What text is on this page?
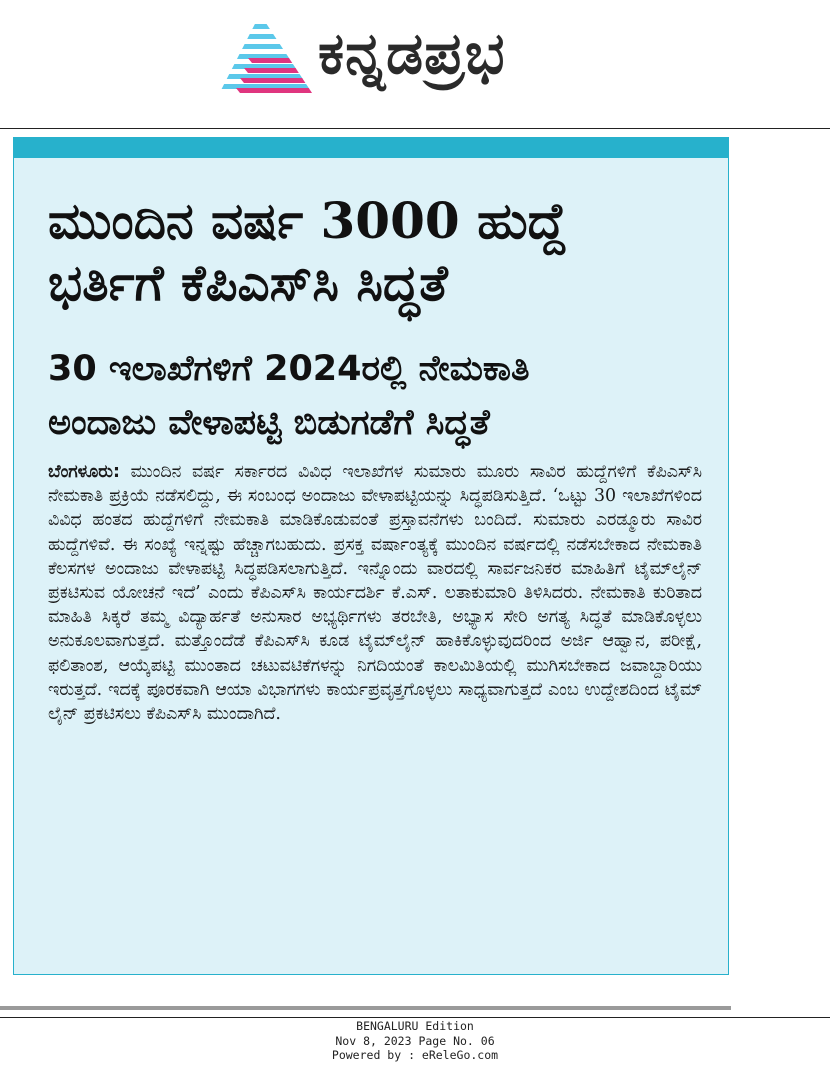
ಕನ್ನಡಪ್ರಭ
ಮುಂದಿನ ವರ್ಷ 3000 ಹುದ್ದೆ
ಭರ್ತಿಗೆ ಕೆಪಿಎಸ್‌ಸಿ ಸಿದ್ಧತೆ
30 ಇಲಾಖೆಗಳಿಗೆ 2024ರಲ್ಲಿ ನೇಮಕಾತಿ
ಅಂದಾಜು ವೇಳಾಪಟ್ಟಿ ಬಿಡುಗಡೆಗೆ ಸಿದ್ಧತೆ

ಬೆಂಗಳೂರು: ಮುಂದಿನ ವರ್ಷ ಸರ್ಕಾರದ ವಿವಿಧ ಇಲಾಖೆಗಳ ಸುಮಾರು ಮೂರು ಸಾವಿರ ಹುದ್ದೆಗಳಿಗೆ ಕೆಪಿಎಸ್‌ಸಿ ನೇಮಕಾತಿ ಪ್ರಕ್ರಿಯೆ ನಡೆಸಲಿದ್ದು, ಈ ಸಂಬಂಧ ಅಂದಾಜು ವೇಳಾಪಟ್ಟಿಯನ್ನು ಸಿದ್ಧಪಡಿಸುತ್ತಿದೆ. ‘ಒಟ್ಟು 30 ಇಲಾಖೆಗಳಿಂದ ವಿವಿಧ ಹಂತದ ಹುದ್ದೆಗಳಿಗೆ ನೇಮಕಾತಿ ಮಾಡಿಕೊಡುವಂತೆ ಪ್ರಸ್ತಾವನೆಗಳು ಬಂದಿದೆ. ಸುಮಾರು ಎರಡ್ಮೂರು ಸಾವಿರ ಹುದ್ದೆಗಳಿವೆ. ಈ ಸಂಖ್ಯೆ ಇನ್ನಷ್ಟು ಹೆಚ್ಚಾಗಬಹುದು. ಪ್ರಸಕ್ತ ವರ್ಷಾಂತ್ಯಕ್ಕೆ ಮುಂದಿನ ವರ್ಷದಲ್ಲಿ ನಡೆಸಬೇಕಾದ ನೇಮಕಾತಿ ಕೆಲಸಗಳ ಅಂದಾಜು ವೇಳಾಪಟ್ಟಿ ಸಿದ್ಧಪಡಿಸಲಾಗುತ್ತಿದೆ. ಇನ್ನೊಂದು ವಾರದಲ್ಲಿ ಸಾರ್ವಜನಿಕರ ಮಾಹಿತಿಗೆ ಟೈಮ್‌ಲೈನ್ ಪ್ರಕಟಿಸುವ ಯೋಚನೆ ಇದೆ’ ಎಂದು ಕೆಪಿಎಸ್‌ಸಿ ಕಾರ್ಯದರ್ಶಿ ಕೆ.ಎಸ್. ಲತಾಕುಮಾರಿ ತಿಳಿಸಿದರು. ನೇಮಕಾತಿ ಕುರಿತಾದ ಮಾಹಿತಿ ಸಿಕ್ಕರೆ ತಮ್ಮ ವಿದ್ಯಾರ್ಹತೆ ಅನುಸಾರ ಅಭ್ಯರ್ಥಿಗಳು ತರಬೇತಿ, ಅಭ್ಯಾಸ ಸೇರಿ ಅಗತ್ಯ ಸಿದ್ಧತೆ ಮಾಡಿಕೊಳ್ಳಲು ಅನುಕೂಲವಾಗುತ್ತದೆ. ಮತ್ತೊಂದೆಡೆ ಕೆಪಿಎಸ್‌ಸಿ ಕೂಡ ಟೈಮ್‌ಲೈನ್ ಹಾಕಿಕೊಳ್ಳುವುದರಿಂದ ಅರ್ಜಿ ಆಹ್ವಾನ, ಪರೀಕ್ಷೆ, ಫಲಿತಾಂಶ, ಆಯ್ಕೆಪಟ್ಟಿ ಮುಂತಾದ ಚಟುವಟಿಕೆಗಳನ್ನು ನಿಗದಿಯಂತೆ ಕಾಲಮಿತಿಯಲ್ಲಿ ಮುಗಿಸಬೇಕಾದ ಜವಾಬ್ದಾರಿಯು ಇರುತ್ತದೆ. ಇದಕ್ಕೆ ಪೂರಕವಾಗಿ ಆಯಾ ವಿಭಾಗಗಳು ಕಾರ್ಯಪ್ರವೃತ್ತಗೊಳ್ಳಲು ಸಾಧ್ಯವಾಗುತ್ತದೆ ಎಂಬ ಉದ್ದೇಶದಿಂದ ಟೈಮ್ ಲೈನ್ ಪ್ರಕಟಿಸಲು ಕೆಪಿಎಸ್‌ಸಿ ಮುಂದಾಗಿದೆ.

BENGALURU Edition
Nov 8, 2023 Page No. 06
Powered by : eReleGo.com
